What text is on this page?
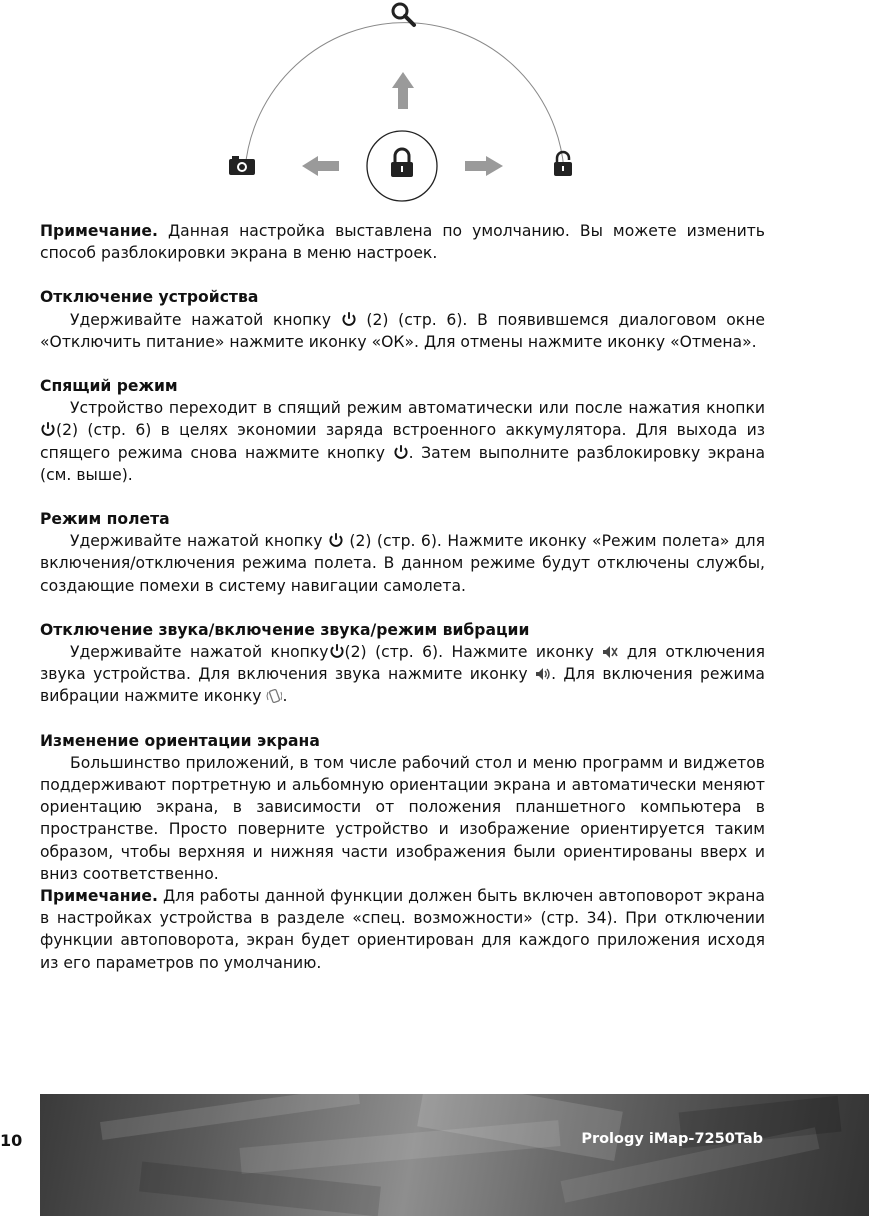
Примечание. Данная настройка выставлена по умолчанию. Вы можете изменить способ разблокировки экрана в меню настроек.

Отключение устройства

Удерживайте нажатой кнопку (2) (стр. 6). В появившемся диалоговом окне «Отключить питание» нажмите иконку «ОК». Для отмены нажмите иконку «Отмена».

Спящий режим

Устройство переходит в спящий режим автоматически или после нажатия кнопки
(2) (стр. 6) в целях экономии заряда встроенного аккумулятора. Для выхода из спящего режима снова нажмите кнопку . Затем выполните разблокировку экрана (см. выше).

Режим полета

Удерживайте нажатой кнопку (2) (стр. 6). Нажмите иконку «Режим полета» для включения/отключения режима полета. В данном режиме будут отключены службы, создающие помехи в систему навигации самолета.

Отключение звука/включение звука/режим вибрации

Удерживайте нажатой кнопку (2) (стр. 6). Нажмите иконку для отключения звука устройства. Для включения звука нажмите иконку . Для включения режима вибрации нажмите иконку .

Изменение ориентации экрана

Большинство приложений, в том числе рабочий стол и меню программ и виджетов поддерживают портретную и альбомную ориентации экрана и автоматически меняют ориентацию экрана, в зависимости от положения планшетного компьютера в пространстве. Просто поверните устройство и изображение ориентируется таким образом, чтобы верхняя и нижняя части изображения были ориентированы вверх и вниз соответственно.

Примечание. Для работы данной функции должен быть включен автоповорот экрана в настройках устройства в разделе «спец. возможности» (стр. 34). При отключении функции автоповорота, экран будет ориентирован для каждого приложения исходя из его параметров по умолчанию.

10	Prology iMap-7250Tab
